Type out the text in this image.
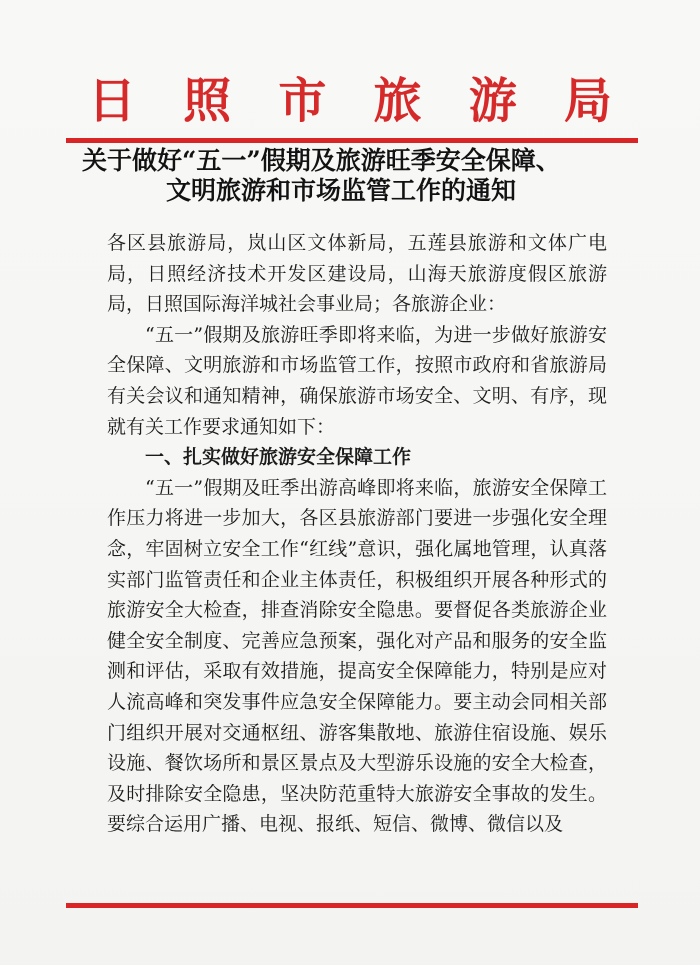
日 照 市 旅 游 局
关于做好“五一”假期及旅游旺季安全保障、
文明旅游和市场监管工作的通知

各区县旅游局，岚山区文体新局，五莲县旅游和文体广电局，日照经济技术开发区建设局，山海天旅游度假区旅游局，日照国际海洋城社会事业局；各旅游企业：

“五一”假期及旅游旺季即将来临，为进一步做好旅游安全保障、文明旅游和市场监管工作，按照市政府和省旅游局有关会议和通知精神，确保旅游市场安全、文明、有序，现就有关工作要求通知如下：

一、扎实做好旅游安全保障工作

“五一”假期及旺季出游高峰即将来临，旅游安全保障工作压力将进一步加大，各区县旅游部门要进一步强化安全理念，牢固树立安全工作“红线”意识，强化属地管理，认真落实部门监管责任和企业主体责任，积极组织开展各种形式的旅游安全大检查，排查消除安全隐患。要督促各类旅游企业健全安全制度、完善应急预案，强化对产品和服务的安全监测和评估，采取有效措施，提高安全保障能力，特别是应对人流高峰和突发事件应急安全保障能力。要主动会同相关部门组织开展对交通枢纽、游客集散地、旅游住宿设施、娱乐设施、餐饮场所和景区景点及大型游乐设施的安全大检查，及时排除安全隐患，坚决防范重特大旅游安全事故的发生。要综合运用广播、电视、报纸、短信、微博、微信以及
